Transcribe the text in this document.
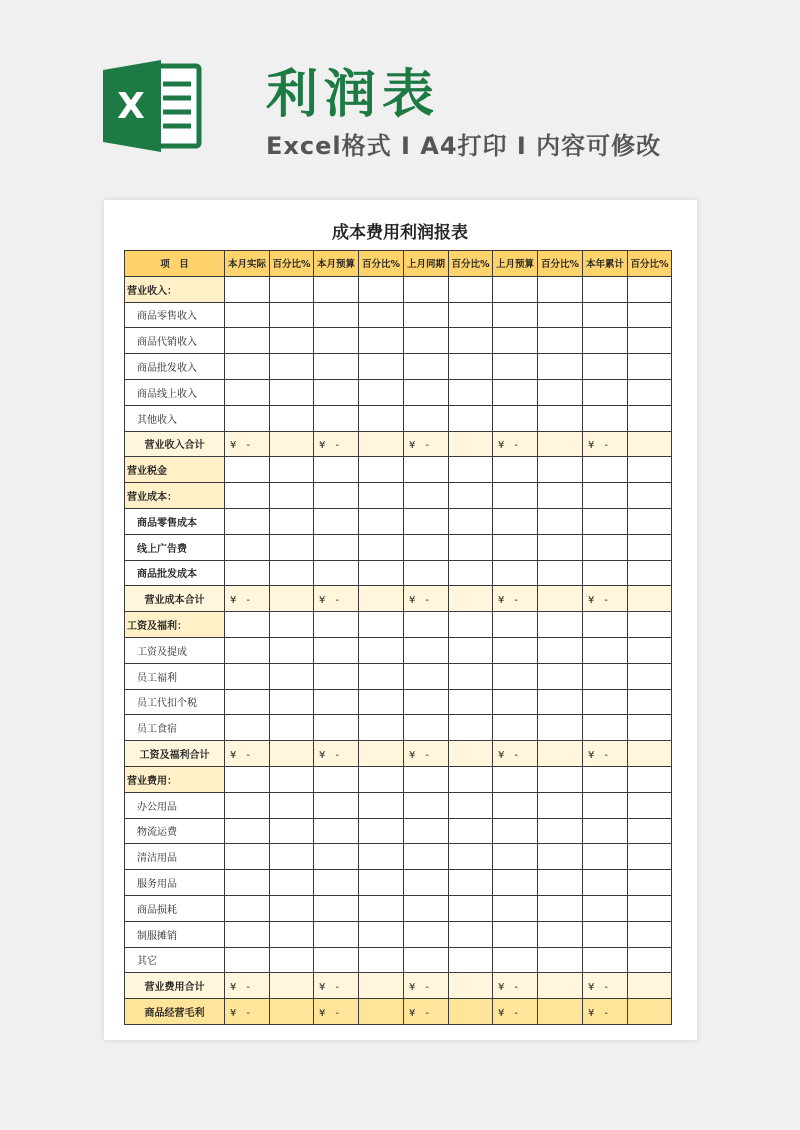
X 利润表
Excel格式 I A4打印 I 内容可修改
成本费用利润报表
项　目	本月实际	百分比%	本月预算	百分比%	上月同期	百分比%	上月预算	百分比%	本年累计	百分比%
营业收入：										
商品零售收入										
商品代销收入										
商品批发收入										
商品线上收入										
其他收入										
营业收入合计	¥　-		¥　-		¥　-		¥　-		¥　-	
营业税金										
营业成本：										
商品零售成本										
线上广告费										
商品批发成本										
营业成本合计	¥　-		¥　-		¥　-		¥　-		¥　-	
工资及福利：										
工资及提成										
员工福利										
员工代扣个税										
员工食宿										
工资及福利合计	¥　-		¥　-		¥　-		¥　-		¥　-	
营业费用：										
办公用品										
物流运费										
清洁用品										
服务用品										
商品损耗										
制服摊销										
其它										
营业费用合计	¥　-		¥　-		¥　-		¥　-		¥　-	
商品经营毛利	¥　-		¥　-		¥　-		¥　-		¥　-	
